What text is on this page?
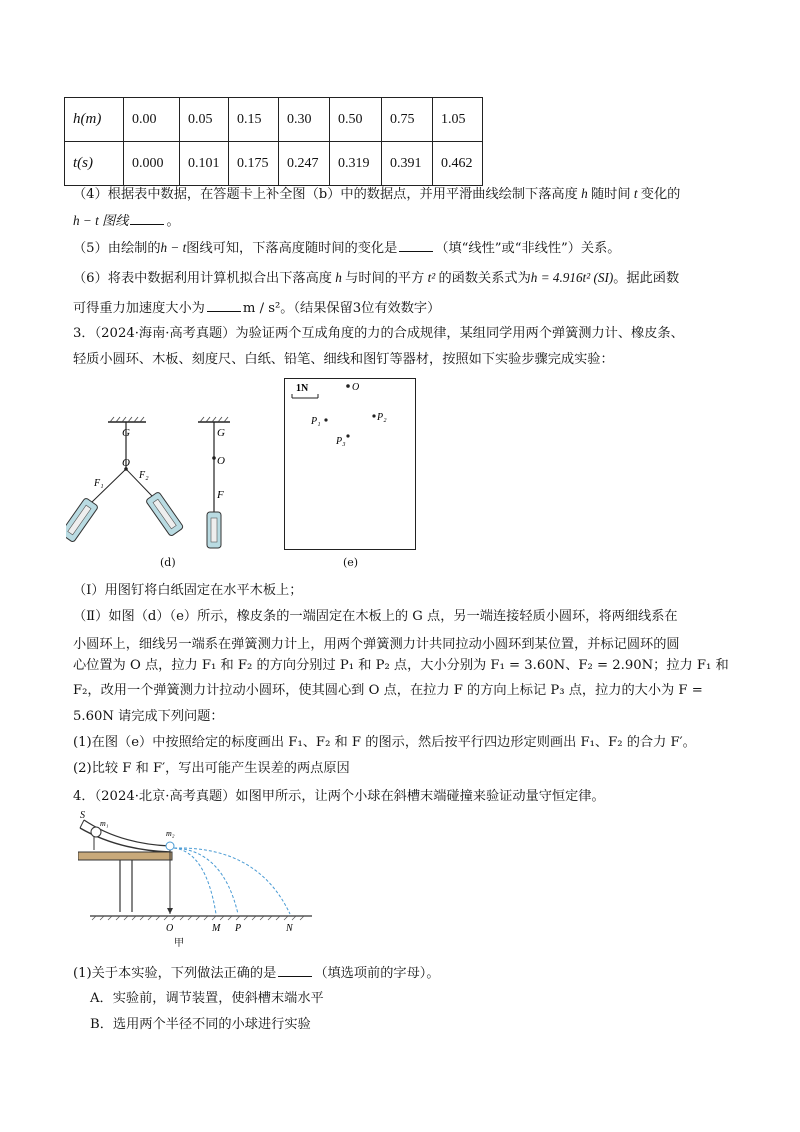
h(m)	0.00	0.05	0.15	0.30	0.50	0.75	1.05
t(s)	0.000	0.101	0.175	0.247	0.319	0.391	0.462
（4）根据表中数据，在答题卡上补全图（b）中的数据点，并用平滑曲线绘制下落高度 h 随时间 t 变化的
h − t 图线	。
（5）由绘制的h − t图线可知，下落高度随时间的变化是	（填“线性”或“非线性”）关系。
（6）将表中数据利用计算机拟合出下落高度 h 与时间的平方 t² 的函数关系式为h = 4.916t² (SI)。据此函数
可得重力加速度大小为	m / s²。（结果保留3位有效数字）
3．（2024·海南·高考真题）为验证两个互成角度的力的合成规律，某组同学用两个弹簧测力计、橡皮条、
轻质小圆环、木板、刻度尺、白纸、铅笔、细线和图钉等器材，按照如下实验步骤完成实验：
G
O
F₁
F₂
G
O
F
(d)
1N	O
P₁	P₂
P₃
(e)
（Ⅰ）用图钉将白纸固定在水平木板上；
（Ⅱ）如图（d）（e）所示，橡皮条的一端固定在木板上的 G 点，另一端连接轻质小圆环，将两细线系在
小圆环上，细线另一端系在弹簧测力计上，用两个弹簧测力计共同拉动小圆环到某位置，并标记圆环的圆
心位置为 O 点，拉力 F₁ 和 F₂ 的方向分别过 P₁ 和 P₂ 点，大小分别为 F₁ = 3.60N、F₂ = 2.90N；拉力 F₁ 和
F₂，改用一个弹簧测力计拉动小圆环，使其圆心到 O 点，在拉力 F 的方向上标记 P₃ 点，拉力的大小为 F =
5.60N 请完成下列问题：
(1)在图（e）中按照给定的标度画出 F₁、F₂ 和 F 的图示，然后按平行四边形定则画出 F₁、F₂ 的合力 F′。
(2)比较 F 和 F′，写出可能产生误差的两点原因
4．（2024·北京·高考真题）如图甲所示，让两个小球在斜槽末端碰撞来验证动量守恒定律。
S
m₁
m₂
O	M P	N
甲
(1)关于本实验，下列做法正确的是	（填选项前的字母）。
A．实验前，调节装置，使斜槽末端水平
B．选用两个半径不同的小球进行实验
